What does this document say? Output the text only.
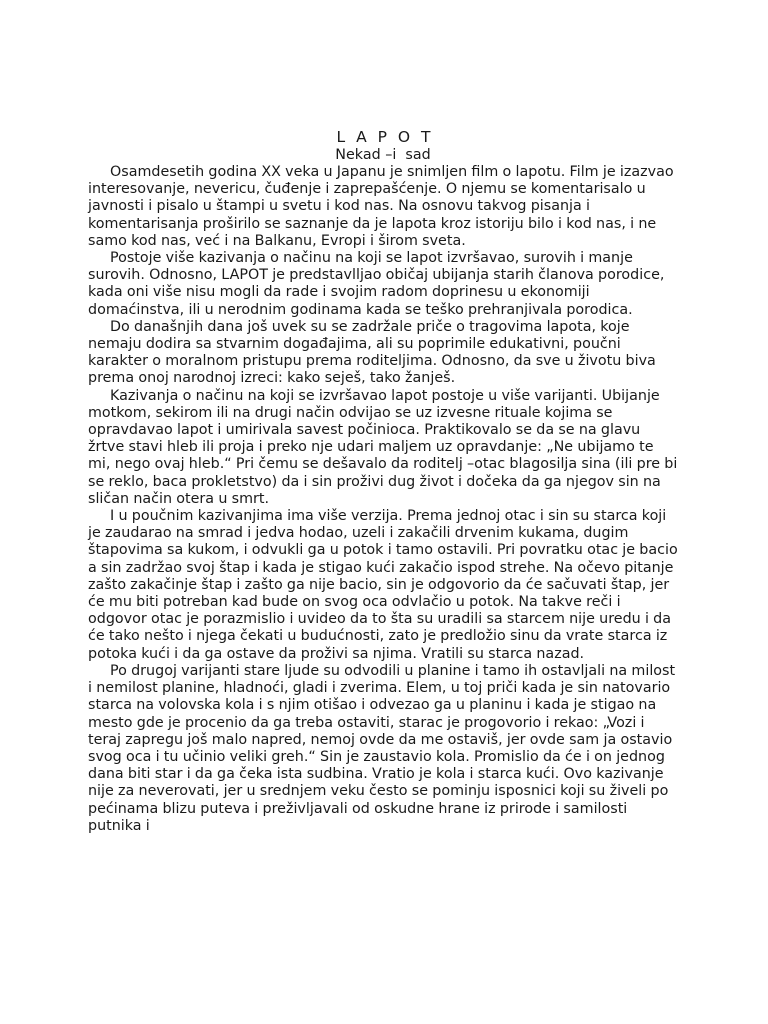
L A P O T
Nekad –i  sad

Osamdesetih godina XX veka u Japanu je snimljen film o lapotu. Film je izazvao interesovanje, nevericu, čuđenje i zaprepašćenje. O njemu se komentarisalo u javnosti i pisalo u štampi u svetu i kod nas. Na osnovu takvog pisanja i komentarisanja proširilo se saznanje da je lapota kroz istoriju bilo i kod nas, i ne samo kod nas, već i na Balkanu, Evropi i širom sveta.

Postoje više kazivanja o načinu na koji se lapot izvršavao, surovih i manje surovih. Odnosno, LAPOT je predstavlljao običaj ubijanja starih članova porodice, kada oni više nisu mogli da rade i svojim radom doprinesu u ekonomiji domaćinstva, ili u nerodnim godinama kada se teško prehranjivala porodica.

Do današnjih dana još uvek su se zadržale priče o tragovima lapota, koje nemaju dodira sa stvarnim događajima, ali su poprimile edukativni, poučni karakter o moralnom pristupu prema roditeljima. Odnosno, da sve u životu biva prema onoj narodnoj izreci: kako seješ, tako žanješ.

Kazivanja o načinu na koji se izvršavao lapot postoje u više varijanti. Ubijanje motkom, sekirom ili na drugi način odvijao se uz izvesne rituale kojima se opravdavao lapot i umirivala savest počinioca. Praktikovalo se da se na glavu žrtve stavi hleb ili proja i preko nje udari maljem uz opravdanje: „Ne ubijamo te mi, nego ovaj hleb.“ Pri čemu se dešavalo da roditelj –otac blagosilja sina (ili pre bi se reklo, baca prokletstvo) da i sin proživi dug život i dočeka da ga njegov sin na sličan način otera u smrt.

I u poučnim kazivanjima ima više verzija. Prema jednoj otac i sin su starca koji je zaudarao na smrad i jedva hodao, uzeli i zakačili drvenim kukama, dugim štapovima sa kukom, i odvukli ga u potok i tamo ostavili. Pri povratku otac je bacio a sin zadržao svoj štap i kada je stigao kući zakačio ispod strehe. Na očevo pitanje zašto zakačinje štap i zašto ga nije bacio, sin je odgovorio da će sačuvati štap, jer će mu biti potreban kad bude on svog oca odvlačio u potok. Na takve reči i odgovor otac je porazmislio i uvideo da to šta su uradili sa starcem nije uredu i da će tako nešto i njega čekati u budućnosti, zato je predložio sinu da vrate starca iz potoka kući i da ga ostave da proživi sa njima. Vratili su starca nazad.

Po drugoj varijanti stare ljude su odvodili u planine i tamo ih ostavljali na milost i nemilost planine, hladnoći, gladi i zverima. Elem, u toj priči kada je sin natovario starca na volovska kola i s njim otišao i odvezao ga u planinu i kada je stigao na mesto gde je procenio da ga treba ostaviti, starac je progovorio i rekao: „Vozi i teraj zapregu još malo napred, nemoj ovde da me ostaviš, jer ovde sam ja ostavio svog oca i tu učinio veliki greh.“ Sin je zaustavio kola. Promislio da će i on jednog dana biti star i da ga čeka ista sudbina. Vratio je kola i starca kući. Ovo kazivanje nije za neverovati, jer u srednjem veku često se pominju isposnici koji su živeli po pećinama blizu puteva i preživljavali od oskudne hrane iz prirode i samilosti putnika i
